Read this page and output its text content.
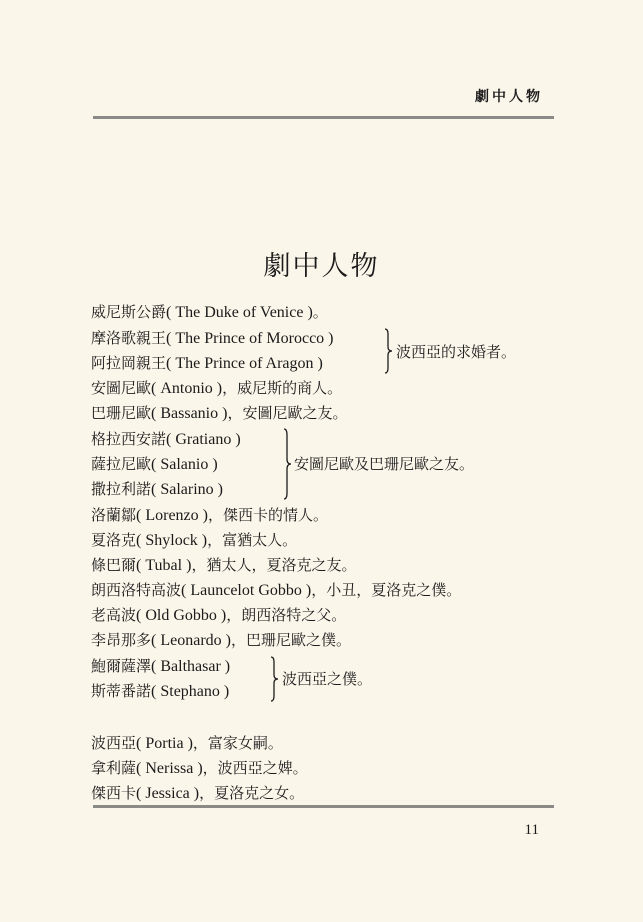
劇中人物
劇中人物
威尼斯公爵( The Duke of Venice )。
摩洛歌親王( The Prince of Morocco )
阿拉岡親王( The Prince of Aragon )
安圖尼歐( Antonio )，威尼斯的商人。
巴珊尼歐( Bassanio )，安圖尼歐之友。
格拉西安諾( Gratiano )
薩拉尼歐( Salanio )
撒拉利諾( Salarino )
洛蘭鄒( Lorenzo )，傑西卡的情人。
夏洛克( Shylock )，富猶太人。
條巴爾( Tubal )，猶太人，夏洛克之友。
朗西洛特高波( Launcelot Gobbo )，小丑，夏洛克之僕。
老高波( Old Gobbo )，朗西洛特之父。
李昂那多( Leonardo )，巴珊尼歐之僕。
鮑爾薩澤( Balthasar )
斯蒂番諾( Stephano )
波西亞( Portia )，富家女嗣。
拿利薩( Nerissa )，波西亞之婢。
傑西卡( Jessica )，夏洛克之女。
波西亞的求婚者。
安圖尼歐及巴珊尼歐之友。
波西亞之僕。
11
